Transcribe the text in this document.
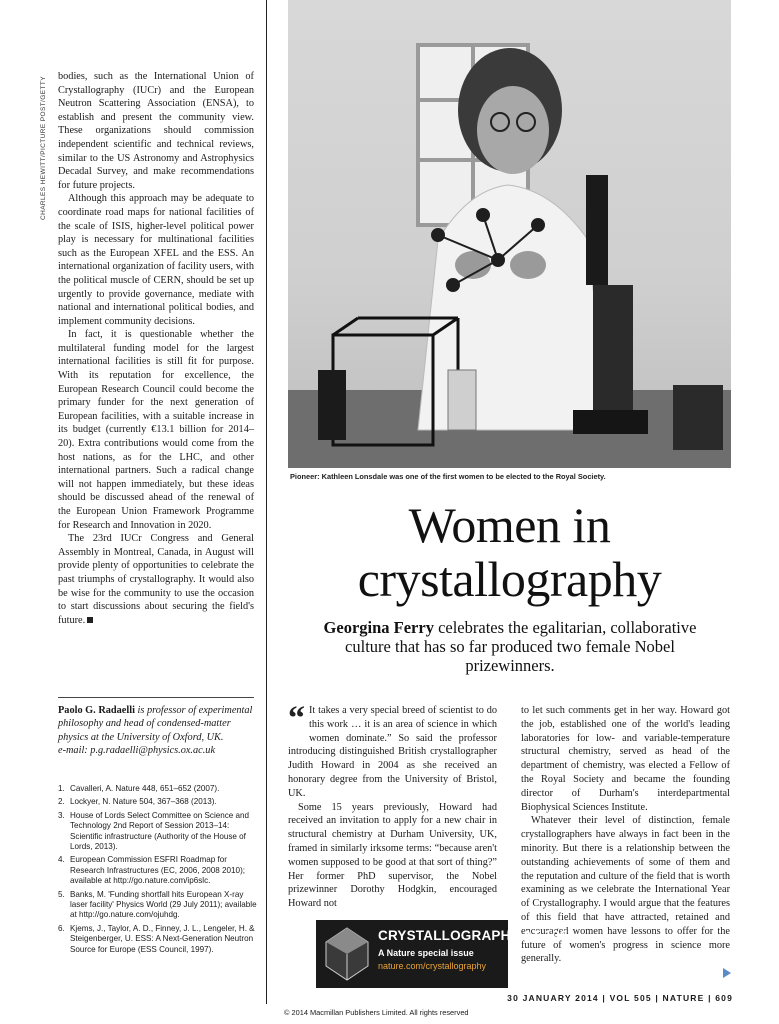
CHARLES HEWITT/PICTURE POST/GETTY	bodies, such as the International Union of Crystallography (IUCr) and the European Neutron Scattering Association (ENSA), to establish and present the community view. These organizations should commission independent scientific and technical reviews, similar to the US Astronomy and Astrophysics Decadal Survey, and make recommendations for future projects.

Although this approach may be adequate to coordinate road maps for national facilities of the scale of ISIS, higher-level political power play is necessary for multinational facilities such as the European XFEL and the ESS. An international organization of facility users, with the political muscle of CERN, should be set up urgently to provide governance, mediate with national and international political bodies, and implement community decisions.

In fact, it is questionable whether the multilateral funding model for the largest international facilities is still fit for purpose. With its reputation for excellence, the European Research Council could become the primary funder for the next generation of European facilities, with a suitable increase in its budget (currently €13.1 billion for 2014–20). Extra contributions would come from the host nations, as for the LHC, and other international partners. Such a radical change will not happen immediately, but these ideas should be discussed ahead of the renewal of the European Union Framework Programme for Research and Innovation in 2020.

The 23rd IUCr Congress and General Assembly in Montreal, Canada, in August will provide plenty of opportunities to celebrate the past triumphs of crystallography. It would also be wise for the community to use the occasion to start discussions about securing the field's future.

Paolo G. Radaelli is professor of experimental philosophy and head of condensed-matter physics at the University of Oxford, UK.
e-mail: p.g.radaelli@physics.ox.ac.uk
1. Cavalleri, A. Nature 448, 651–652 (2007).
2. Lockyer, N. Nature 504, 367–368 (2013).
3. House of Lords Select Committee on Science and Technology 2nd Report of Session 2013–14: Scientific infrastructure (Authority of the House of Lords, 2013).
4. European Commission ESFRI Roadmap for Research Infrastructures (EC, 2006, 2008 2010); available at http://go.nature.com/ip6slc.
5. Banks, M. 'Funding shortfall hits European X-ray laser facility' Physics World (29 July 2011); available at http://go.nature.com/ojuhdg.
6. Kjems, J., Taylor, A. D., Finney, J. L., Lengeler, H. & Steigenberger, U. ESS: A Next-Generation Neutron Source for Europe (ESS Council, 1997).
Pioneer: Kathleen Lonsdale was one of the first women to be elected to the Royal Society.
Women in
crystallography
Georgina Ferry celebrates the egalitarian, collaborative culture that has so far produced two female Nobel prizewinners.

“ It takes a very special breed of scientist to do this work … it is an area of science in which women dominate.” So said the professor introducing distinguished British crystallographer Judith Howard in 2004 as she received an honorary degree from the University of Bristol, UK.

Some 15 years previously, Howard had received an invitation to apply for a new chair in structural chemistry at Durham University, UK, framed in similarly irksome terms: “because aren't women supposed to be good at that sort of thing?” Her former PhD supervisor, the Nobel prizewinner Dorothy Hodgkin, encouraged Howard not

to let such comments get in her way. Howard got the job, established one of the world's leading laboratories for low- and variable-temperature structural chemistry, served as head of the department of chemistry, was elected a Fellow of the Royal Society and became the founding director of Durham's interdepartmental Biophysical Sciences Institute.

Whatever their level of distinction, female crystallographers have always in fact been in the minority. But there is a relationship between the outstanding achievements of some of them and the reputation and culture of the field that is worth examining as we celebrate the International Year of Crystallography. I would argue that the features of this field that have attracted, retained and encouraged women have lessons to offer for the future of women's progress in science more generally.

CRYSTALLOGRAPHY AT 100
A Nature special issue
nature.com/crystallography
30 JANUARY 2014 | VOL 505 | NATURE | 609
© 2014 Macmillan Publishers Limited. All rights reserved
